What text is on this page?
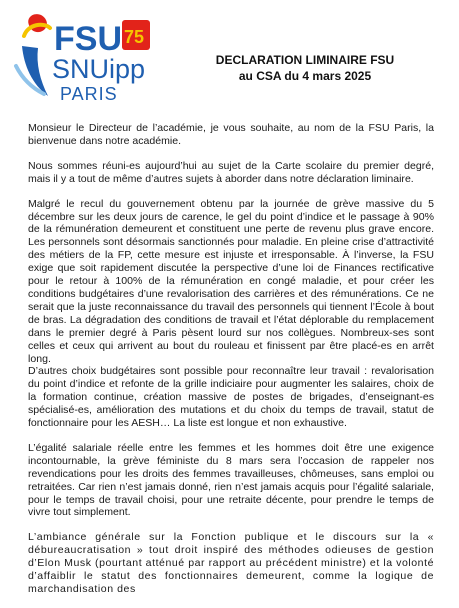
FSU 75
SNUipp
PARIS
DECLARATION LIMINAIRE FSU
au CSA du 4 mars 2025

Monsieur le Directeur de l’académie, je vous souhaite, au nom de la FSU Paris, la bienvenue dans notre académie.

Nous sommes réuni-es aujourd’hui au sujet de la Carte scolaire du premier degré, mais il y a tout de même d’autres sujets à aborder dans notre déclaration liminaire.

Malgré le recul du gouvernement obtenu par la journée de grève massive du 5 décembre sur les deux jours de carence, le gel du point d’indice et le passage à 90% de la rémunération demeurent et constituent une perte de revenu plus grave encore. Les personnels sont désormais sanctionnés pour maladie. En pleine crise d’attractivité des métiers de la FP, cette mesure est injuste et irresponsable. À l’inverse, la FSU exige que soit rapidement discutée la perspective d’une loi de Finances rectificative pour le retour à 100% de la rémunération en congé maladie, et pour créer les conditions budgétaires d’une revalorisation des carrières et des rémunérations. Ce ne serait que la juste reconnaissance du travail des personnels qui tiennent l’École à bout de bras. La dégradation des conditions de travail et l’état déplorable du remplacement dans le premier degré à Paris pèsent lourd sur nos collègues. Nombreux-ses sont celles et ceux qui arrivent au bout du rouleau et finissent par être placé-es en arrêt long.

D’autres choix budgétaires sont possible pour reconnaître leur travail : revalorisation du point d’indice et refonte de la grille indiciaire pour augmenter les salaires, choix de la formation continue, création massive de postes de brigades, d’enseignant-es spécialisé-es, amélioration des mutations et du choix du temps de travail, statut de fonctionnaire pour les AESH… La liste est longue et non exhaustive.

L’égalité salariale réelle entre les femmes et les hommes doit être une exigence incontournable, la grève féministe du 8 mars sera l’occasion de rappeler nos revendications pour les droits des femmes travailleuses, chômeuses, sans emploi ou retraitées. Car rien n’est jamais donné, rien n’est jamais acquis pour l’égalité salariale, pour le temps de travail choisi, pour une retraite décente, pour prendre le temps de vivre tout simplement.

L’ambiance générale sur la Fonction publique et le discours sur la « débureaucratisation » tout droit inspiré des méthodes odieuses de gestion d’Elon Musk (pourtant atténué par rapport au précédent ministre) et la volonté d’affaiblir le statut des fonctionnaires demeurent, comme la logique de marchandisation des
